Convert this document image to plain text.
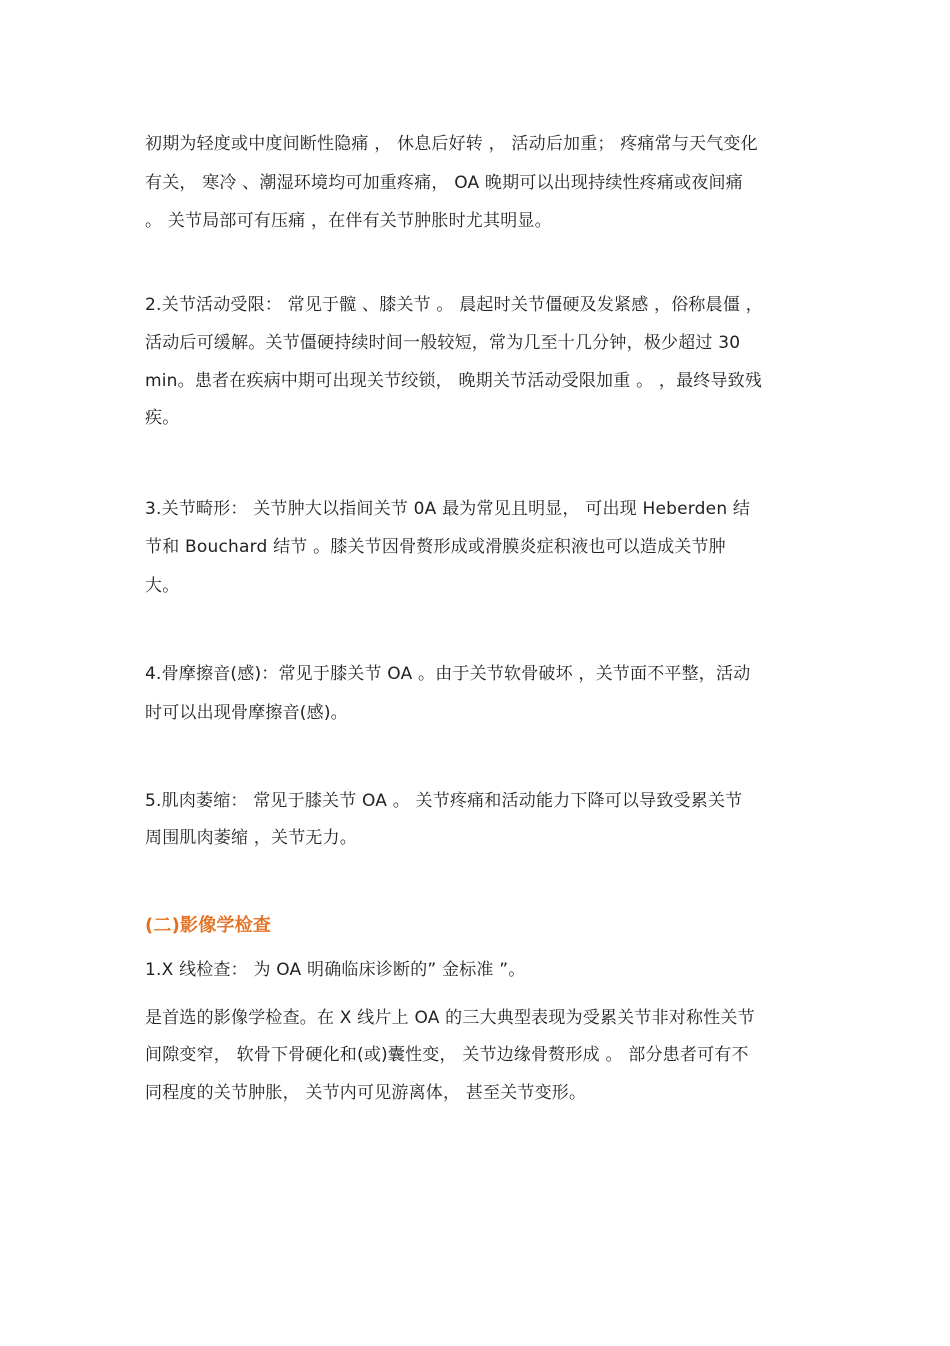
初期为轻度或中度间断性隐痛 ， 休息后好转 ， 活动后加重； 疼痛常与天气变化
有关， 寒冷 、潮湿环境均可加重疼痛， OA 晚期可以出现持续性疼痛或夜间痛
。 关节局部可有压痛 ，在伴有关节肿胀时尤其明显。
2.关节活动受限： 常见于髋 、膝关节 。 晨起时关节僵硬及发紧感 ，俗称晨僵 ，
活动后可缓解。关节僵硬持续时间一般较短，常为几至十几分钟，极少超过 30
min。患者在疾病中期可出现关节绞锁， 晚期关节活动受限加重 。 ，最终导致残
疾。
3.关节畸形： 关节肿大以指间关节 0A 最为常见且明显， 可出现 Heberden 结
节和 Bouchard 结节 。膝关节因骨赘形成或滑膜炎症积液也可以造成关节肿
大。
4.骨摩擦音(感)：常见于膝关节 OA 。由于关节软骨破坏 ，关节面不平整，活动
时可以出现骨摩擦音(感)。
5.肌肉萎缩： 常见于膝关节 OA 。 关节疼痛和活动能力下降可以导致受累关节
周围肌肉萎缩 ，关节无力。
(二)影像学检查
1.X 线检查： 为 OA 明确临床诊断的” 金标准 ”。
是首选的影像学检查。在 X 线片上 OA 的三大典型表现为受累关节非对称性关节
间隙变窄， 软骨下骨硬化和(或)囊性变， 关节边缘骨赘形成 。 部分患者可有不
同程度的关节肿胀， 关节内可见游离体， 甚至关节变形。
